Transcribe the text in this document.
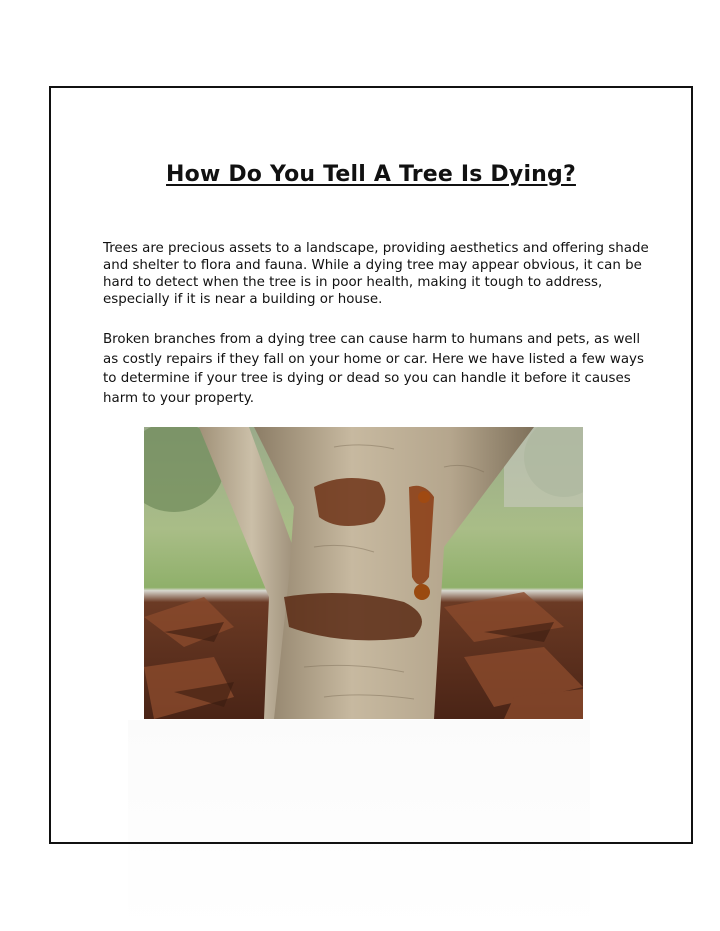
How Do You Tell A Tree Is Dying?

Trees are precious assets to a landscape, providing aesthetics and offering shade and shelter to flora and fauna. While a dying tree may appear obvious, it can be hard to detect when the tree is in poor health, making it tough to address, especially if it is near a building or house.

Broken branches from a dying tree can cause harm to humans and pets, as well as costly repairs if they fall on your home or car. Here we have listed a few ways to determine if your tree is dying or dead so you can handle it before it causes harm to your property.
